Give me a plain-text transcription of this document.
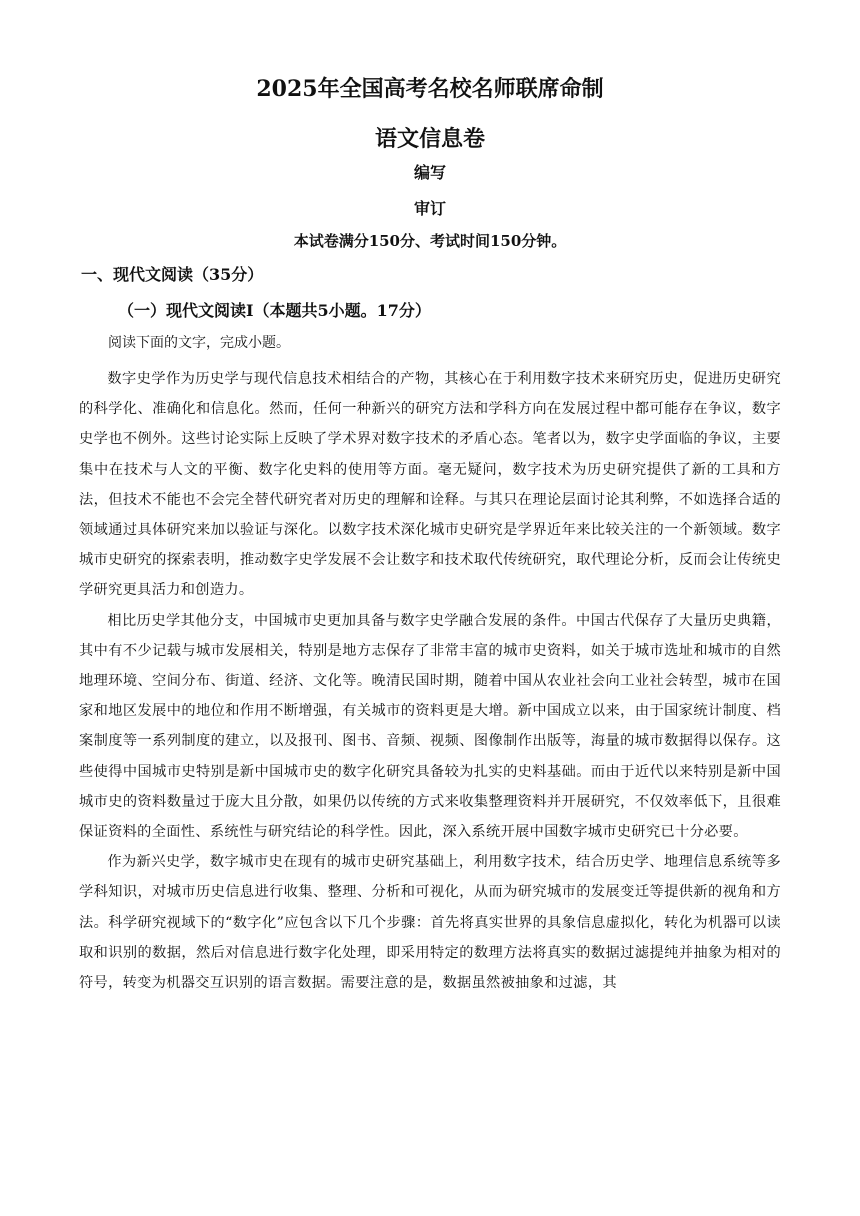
2025年全国高考名校名师联席命制
语文信息卷
编写
审订
本试卷满分150分、考试时间150分钟。
一、现代文阅读（35分）
（一）现代文阅读Ⅰ（本题共5小题。17分）
阅读下面的文字，完成小题。

数字史学作为历史学与现代信息技术相结合的产物，其核心在于利用数字技术来研究历史，促进历史研究的科学化、准确化和信息化。然而，任何一种新兴的研究方法和学科方向在发展过程中都可能存在争议，数字史学也不例外。这些讨论实际上反映了学术界对数字技术的矛盾心态。笔者以为，数字史学面临的争议，主要集中在技术与人文的平衡、数字化史料的使用等方面。毫无疑问，数字技术为历史研究提供了新的工具和方法，但技术不能也不会完全替代研究者对历史的理解和诠释。与其只在理论层面讨论其利弊，不如选择合适的领域通过具体研究来加以验证与深化。以数字技术深化城市史研究是学界近年来比较关注的一个新领域。数字城市史研究的探索表明，推动数字史学发展不会让数字和技术取代传统研究，取代理论分析，反而会让传统史学研究更具活力和创造力。

相比历史学其他分支，中国城市史更加具备与数字史学融合发展的条件。中国古代保存了大量历史典籍，其中有不少记载与城市发展相关，特别是地方志保存了非常丰富的城市史资料，如关于城市选址和城市的自然地理环境、空间分布、街道、经济、文化等。晚清民国时期，随着中国从农业社会向工业社会转型，城市在国家和地区发展中的地位和作用不断增强，有关城市的资料更是大增。新中国成立以来，由于国家统计制度、档案制度等一系列制度的建立，以及报刊、图书、音频、视频、图像制作出版等，海量的城市数据得以保存。这些使得中国城市史特别是新中国城市史的数字化研究具备较为扎实的史料基础。而由于近代以来特别是新中国城市史的资料数量过于庞大且分散，如果仍以传统的方式来收集整理资料并开展研究，不仅效率低下，且很难保证资料的全面性、系统性与研究结论的科学性。因此，深入系统开展中国数字城市史研究已十分必要。

作为新兴史学，数字城市史在现有的城市史研究基础上，利用数字技术，结合历史学、地理信息系统等多学科知识，对城市历史信息进行收集、整理、分析和可视化，从而为研究城市的发展变迁等提供新的视角和方法。科学研究视域下的“数字化”应包含以下几个步骤：首先将真实世界的具象信息虚拟化，转化为机器可以读取和识别的数据，然后对信息进行数字化处理，即采用特定的数理方法将真实的数据过滤提纯并抽象为相对的符号，转变为机器交互识别的语言数据。需要注意的是，数据虽然被抽象和过滤，其
